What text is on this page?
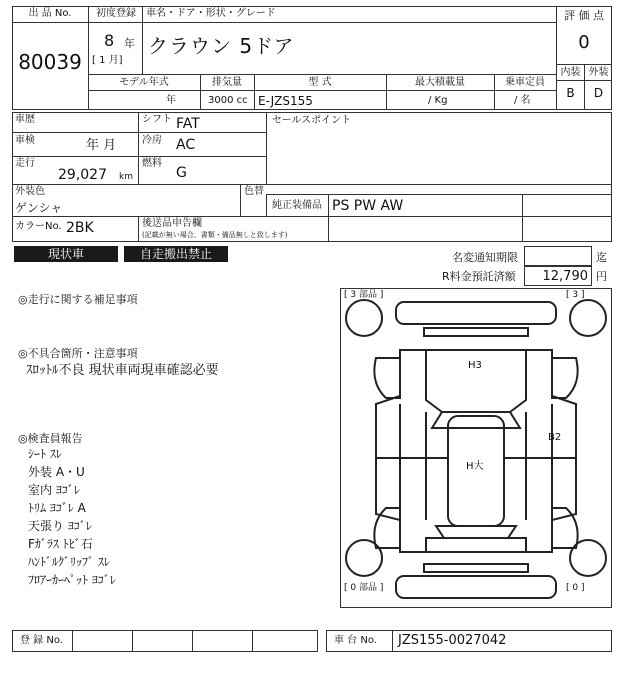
出 品 No.
80039
初度登録
8 年
[ 1 月]
車名・ドア・形状・グレード
クラウン 5ドア
評 価 点
0
内装 外装
B	D
モデル年式	排気量	型 式	最大積載量	乗車定員
年	3000 cc E-JZS155	/ Kg	/ 名
車歴
車検	年 月
走行
29,027 km
シフト FAT
冷房 AC
燃料
G
セールスポイント
外装色
ゲンシャ
色替
純正装備品 PS PW AW
カラーNo. 2BK	後送品申告欄
(記載が無い場合、書類・備品無しと致します)
現状車	自走搬出禁止	名変通知期限	迄
R料金預託済額	12,790 円
◎走行に関する補足事項
◎不具合箇所・注意事項
ｽﾛｯﾄﾙ不良 現状車両現車確認必要
◎検査員報告
ｼｰﾄ ｽﾚ
外装 A・U
室内 ﾖｺﾞﾚ
ﾄﾘﾑ ﾖｺﾞﾚ A
天張り ﾖｺﾞﾚ
Fｶﾞﾗｽ ﾄﾋﾞ石
ﾊﾝﾄﾞﾙｸﾞﾘｯﾌﾟ ｽﾚ
ﾌﾛｱｰｶｰﾍﾟｯﾄ ﾖｺﾞﾚ
[ 3 部品 ]	[ 3 ]
[ 0 部品 ]	[ 0 ]
H3
H大
B2
登 録 No.	車 台 No. JZS155-0027042
